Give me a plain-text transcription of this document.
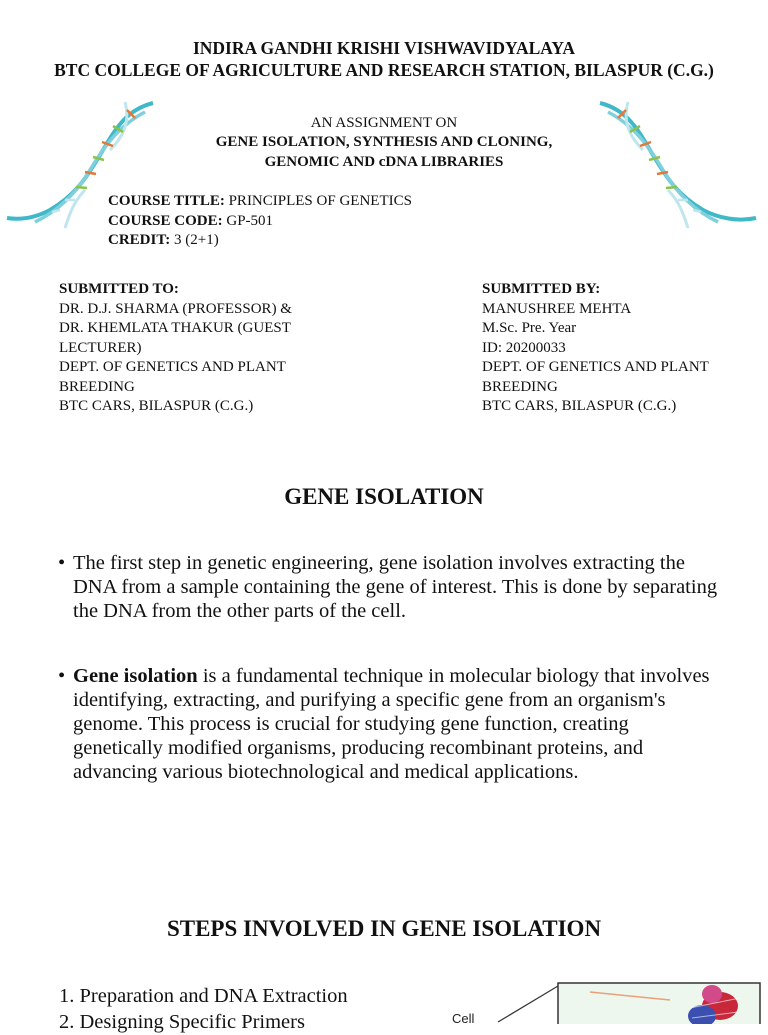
INDIRA GANDHI KRISHI VISHWAVIDYALAYA
BTC COLLEGE OF AGRICULTURE AND RESEARCH STATION, BILASPUR (C.G.)
AN ASSIGNMENT ON
GENE ISOLATION, SYNTHESIS AND CLONING,
GENOMIC AND cDNA LIBRARIES
COURSE TITLE: PRINCIPLES OF GENETICS
COURSE CODE: GP-501
CREDIT: 3 (2+1)
SUBMITTED TO:
DR. D.J. SHARMA (PROFESSOR) &
DR. KHEMLATA THAKUR (GUEST LECTURER)
DEPT. OF GENETICS AND PLANT BREEDING
BTC CARS, BILASPUR (C.G.)
SUBMITTED BY:
MANUSHREE MEHTA
M.Sc. Pre. Year
ID: 20200033
DEPT. OF GENETICS AND PLANT BREEDING
BTC CARS, BILASPUR (C.G.)
GENE ISOLATION
• The first step in genetic engineering, gene isolation involves extracting the DNA from a sample containing the gene of interest. This is done by separating the DNA from the other parts of the cell.
• Gene isolation is a fundamental technique in molecular biology that involves identifying, extracting, and purifying a specific gene from an organism's genome. This process is crucial for studying gene function, creating genetically modified organisms, producing recombinant proteins, and advancing various biotechnological and medical applications.
STEPS INVOLVED IN GENE ISOLATION
1. Preparation and DNA Extraction
2. Designing Specific Primers	Cell
